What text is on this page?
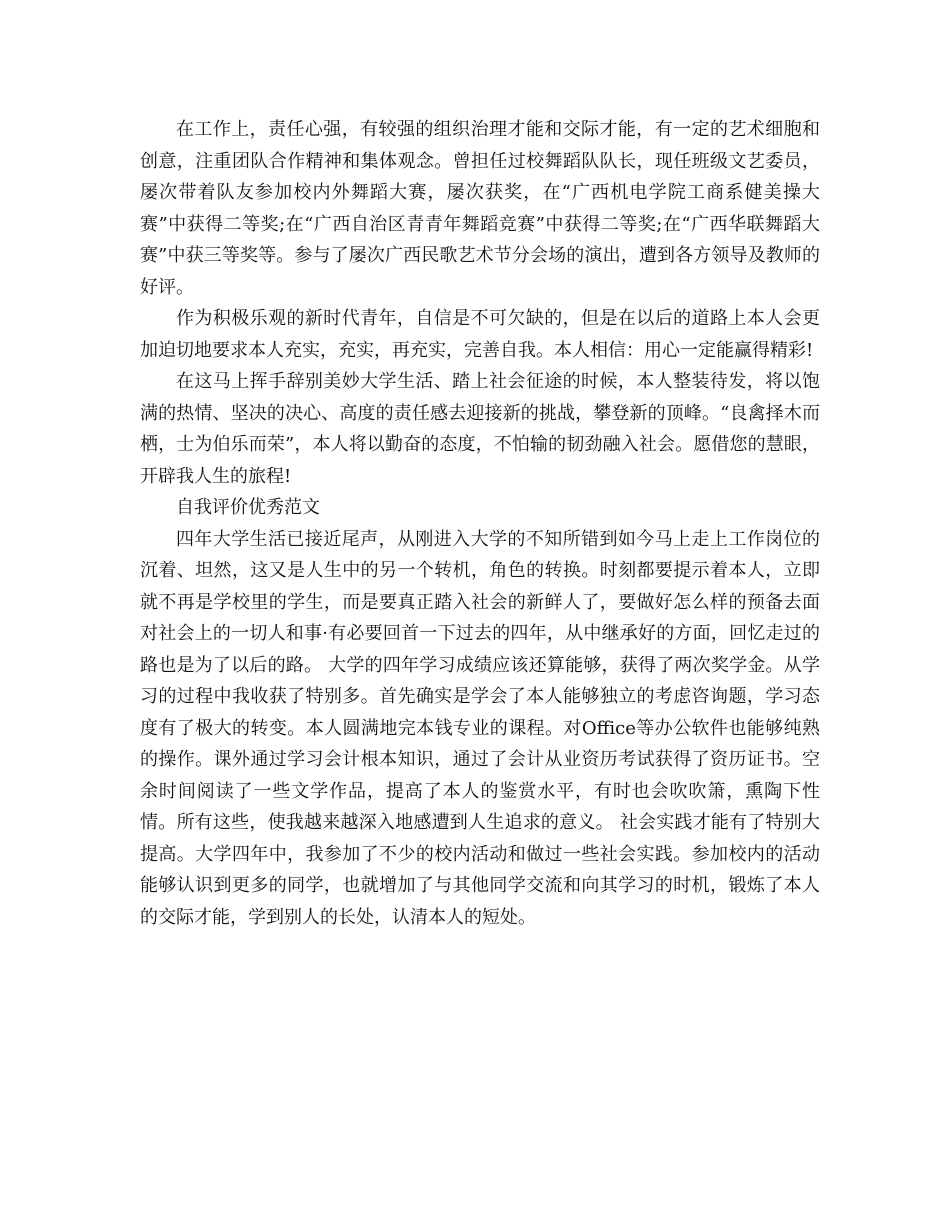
在工作上，责任心强，有较强的组织治理才能和交际才能，有一定的艺术细胞和创意，注重团队合作精神和集体观念。曾担任过校舞蹈队队长，现任班级文艺委员，屡次带着队友参加校内外舞蹈大赛，屡次获奖，在“广西机电学院工商系健美操大赛”中获得二等奖;在“广西自治区青青年舞蹈竞赛”中获得二等奖;在“广西华联舞蹈大赛”中获三等奖等。参与了屡次广西民歌艺术节分会场的演出，遭到各方领导及教师的好评。

作为积极乐观的新时代青年，自信是不可欠缺的，但是在以后的道路上本人会更加迫切地要求本人充实，充实，再充实，完善自我。本人相信：用心一定能赢得精彩!

在这马上挥手辞别美妙大学生活、踏上社会征途的时候，本人整装待发，将以饱满的热情、坚决的决心、高度的责任感去迎接新的挑战，攀登新的顶峰。“良禽择木而栖，士为伯乐而荣”，本人将以勤奋的态度，不怕输的韧劲融入社会。愿借您的慧眼，开辟我人生的旅程!

自我评价优秀范文

四年大学生活已接近尾声，从刚进入大学的不知所错到如今马上走上工作岗位的沉着、坦然，这又是人生中的另一个转机，角色的转换。时刻都要提示着本人，立即就不再是学校里的学生，而是要真正踏入社会的新鲜人了，要做好怎么样的预备去面对社会上的一切人和事·有必要回首一下过去的四年，从中继承好的方面，回忆走过的路也是为了以后的路。 大学的四年学习成绩应该还算能够，获得了两次奖学金。从学习的过程中我收获了特别多。首先确实是学会了本人能够独立的考虑咨询题，学习态度有了极大的转变。本人圆满地完本钱专业的课程。对Office等办公软件也能够纯熟的操作。课外通过学习会计根本知识，通过了会计从业资历考试获得了资历证书。空余时间阅读了一些文学作品，提高了本人的鉴赏水平，有时也会吹吹箫，熏陶下性情。所有这些，使我越来越深入地感遭到人生追求的意义。 社会实践才能有了特别大提高。大学四年中，我参加了不少的校内活动和做过一些社会实践。参加校内的活动能够认识到更多的同学，也就增加了与其他同学交流和向其学习的时机，锻炼了本人的交际才能，学到别人的长处，认清本人的短处。
